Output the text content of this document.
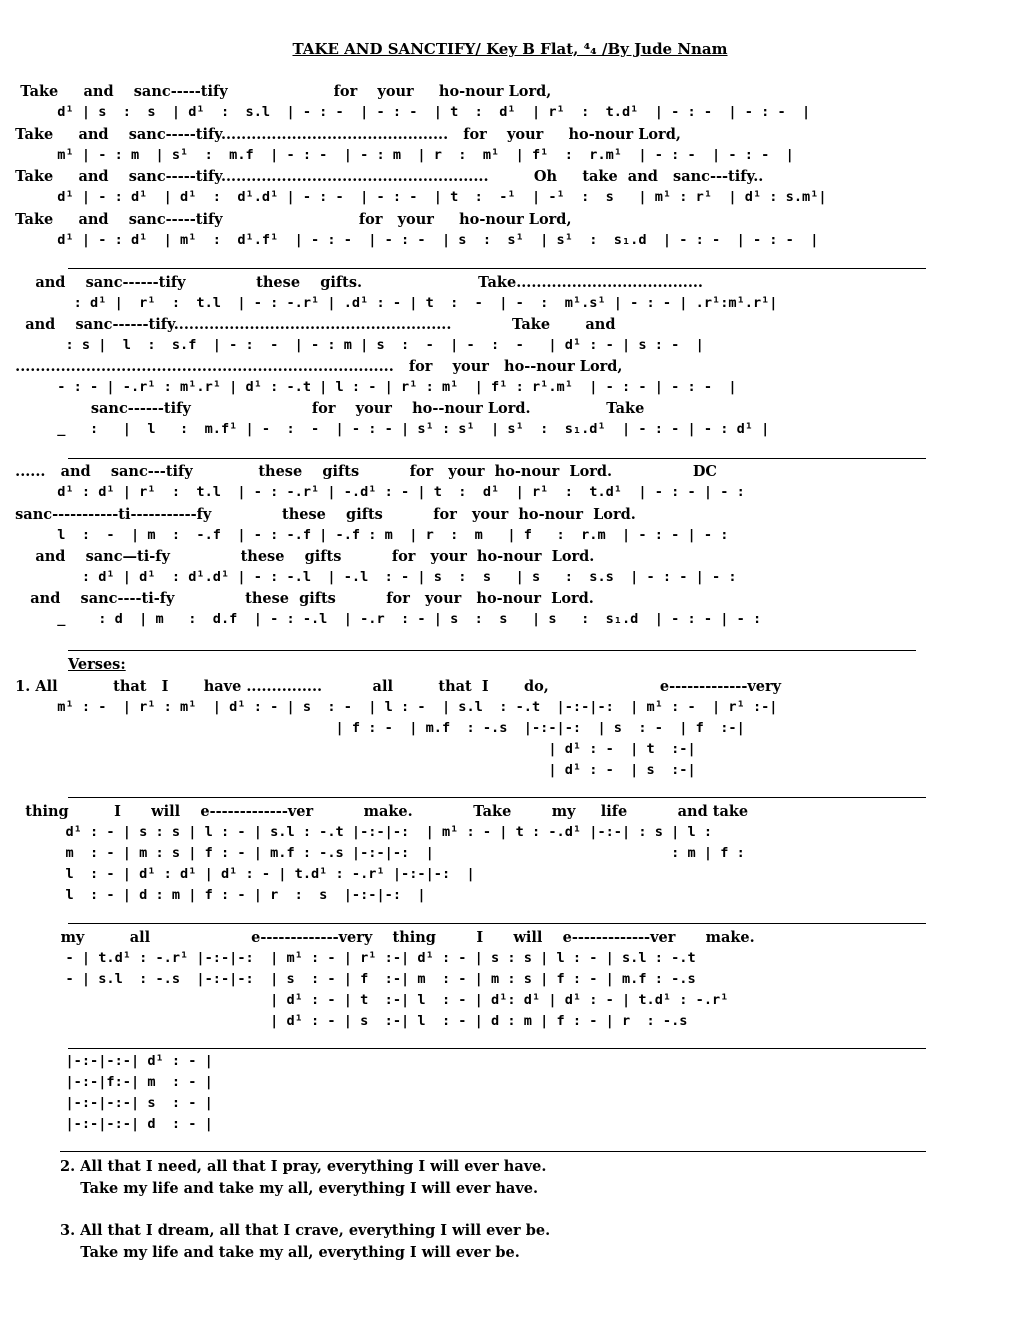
TAKE AND SANCTIFY/ Key B Flat, ⁴₄ /By Jude Nnam
Take     and    sanc-----tify                     for    your     ho-nour Lord,
d¹ | s  :  s  | d¹  :  s.l  | - : -  | - : -  | t  :  d¹  | r¹  :  t.d¹  | - : -  | - : -  |
Take     and    sanc-----tify.............................................   for    your     ho-nour Lord,
m¹ | - : m  | s¹  :  m.f  | - : -  | - : m  | r  :  m¹  | f¹  :  r.m¹  | - : -  | - : -  |
Take     and    sanc-----tify.....................................................         Oh     take  and   sanc---tify..
d¹ | - : d¹  | d¹  :  d¹.d¹ | - : -  | - : -  | t  :  -¹  | -¹  :  s   | m¹ : r¹  | d¹ : s.m¹|
Take     and    sanc-----tify                           for   your     ho-nour Lord,
d¹ | - : d¹  | m¹  :  d¹.f¹  | - : -  | - : -  | s  :  s¹  | s¹  :  s₁.d  | - : -  | - : -  |
and    sanc------tify              these    gifts.                       Take.....................................
: d¹ |  r¹  :  t.l  | - : -.r¹ | .d¹ : - | t  :  -  | -  :  m¹.s¹ | - : - | .r¹:m¹.r¹|
and    sanc------tify.......................................................            Take       and
: s |  l  :  s.f  | - :  -  | - : m | s  :  -  | -  :  -   | d¹ : - | s : -  |
...........................................................................   for    your   ho--nour Lord,
- : - | -.r¹ : m¹.r¹ | d¹ : -.t | l : - | r¹ : m¹  | f¹ : r¹.m¹  | - : - | - : -  |
sanc------tify                        for    your    ho--nour Lord.               Take
_   :   |  l   :  m.f¹ | -  :  -  | - : - | s¹ : s¹  | s¹  :  s₁.d¹  | - : - | - : d¹ |
......   and    sanc---tify             these    gifts          for   your  ho-nour  Lord.                DC
d¹ : d¹ | r¹  :  t.l  | - : -.r¹ | -.d¹ : - | t  :  d¹  | r¹  :  t.d¹  | - : - | - :
sanc-----------ti-----------fy              these    gifts          for   your  ho-nour  Lord.
l  :  -  | m  :  -.f  | - : -.f | -.f : m  | r  :  m   | f   :  r.m  | - : - | - :
and    sanc—ti-fy              these    gifts          for   your  ho-nour  Lord.
: d¹ | d¹  : d¹.d¹ | - : -.l  | -.l  : - | s  :  s   | s   :  s.s  | - : - | - :
and    sanc----ti-fy              these  gifts          for   your   ho-nour  Lord.
_    : d  | m   :  d.f  | - : -.l  | -.r  : - | s  :  s   | s   :  s₁.d  | - : - | - :
Verses:
1. All           that   I       have ...............          all         that  I       do,                      e-------------very
m¹ : -  | r¹ : m¹  | d¹ : - | s  : -  | l : -  | s.l  : -.t  |-:-|-:  | m¹ : -  | r¹ :-|
| f : -  | m.f  : -.s  |-:-|-:  | s  : -  | f  :-|
| d¹ : -  | t  :-|
| d¹ : -  | s  :-|
thing         I      will    e-------------ver          make.            Take        my     life          and take
d¹ : - | s : s | l : - | s.l : -.t |-:-|-:  | m¹ : - | t : -.d¹ |-:-| : s | l :
m  : - | m : s | f : - | m.f : -.s |-:-|-:  |                             : m | f :
l  : - | d¹ : d¹ | d¹ : - | t.d¹ : -.r¹ |-:-|-:  |
l  : - | d : m | f : - | r  :  s  |-:-|-:  |
my         all                    e-------------very    thing        I      will    e-------------ver      make.
- | t.d¹ : -.r¹ |-:-|-:  | m¹ : - | r¹ :-| d¹ : - | s : s | l : - | s.l : -.t
- | s.l  : -.s  |-:-|-:  | s  : - | f  :-| m  : - | m : s | f : - | m.f : -.s
| d¹ : - | t  :-| l  : - | d¹: d¹ | d¹ : - | t.d¹ : -.r¹
| d¹ : - | s  :-| l  : - | d : m | f : - | r  : -.s
|-:-|-:-| d¹ : - |
|-:-|f:-| m  : - |
|-:-|-:-| s  : - |
|-:-|-:-| d  : - |
2. All that I need, all that I pray, everything I will ever have.
Take my life and take my all, everything I will ever have.
3. All that I dream, all that I crave, everything I will ever be.
Take my life and take my all, everything I will ever be.
